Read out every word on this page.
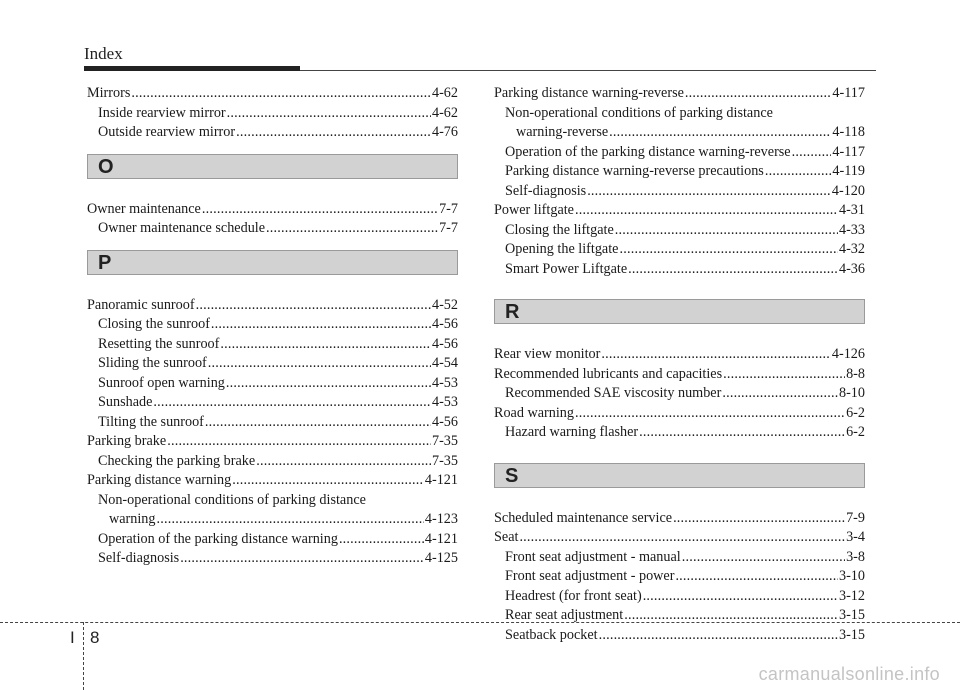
Index
Mirrors .....	4-62
Inside rearview mirror .....	4-62
Outside rearview mirror .....	4-76
O
Owner maintenance .....	7-7
Owner maintenance schedule .....	7-7
P
Panoramic sunroof .....	4-52
Closing the sunroof .....	4-56
Resetting the sunroof .....	4-56
Sliding the sunroof .....	4-54
Sunroof open warning .....	4-53
Sunshade .....	4-53
Tilting the sunroof .....	4-56
Parking brake .....	7-35
Checking the parking brake .....	7-35
Parking distance warning .....	4-121
Non-operational conditions of parking distance
warning .....	4-123
Operation of the parking distance warning .....	4-121
Self-diagnosis .....	4-125
Parking distance warning-reverse .....	4-117
Non-operational conditions of parking distance
warning-reverse .....	4-118
Operation of the parking distance warning-reverse .....	4-117
Parking distance warning-reverse precautions .....	4-119
Self-diagnosis .....	4-120
Power liftgate .....	4-31
Closing the liftgate .....	4-33
Opening the liftgate .....	4-32
Smart Power Liftgate .....	4-36
R
Rear view monitor .....	4-126
Recommended lubricants and capacities .....	8-8
Recommended SAE viscosity number .....	8-10
Road warning .....	6-2
Hazard warning flasher .....	6-2
S
Scheduled maintenance service .....	7-9
Seat .....	3-4
Front seat adjustment - manual .....	3-8
Front seat adjustment - power .....	3-10
Headrest (for front seat) .....	3-12
Rear seat adjustment .....	3-15
Seatback pocket .....	3-15
I 8
carmanualsonline.info
